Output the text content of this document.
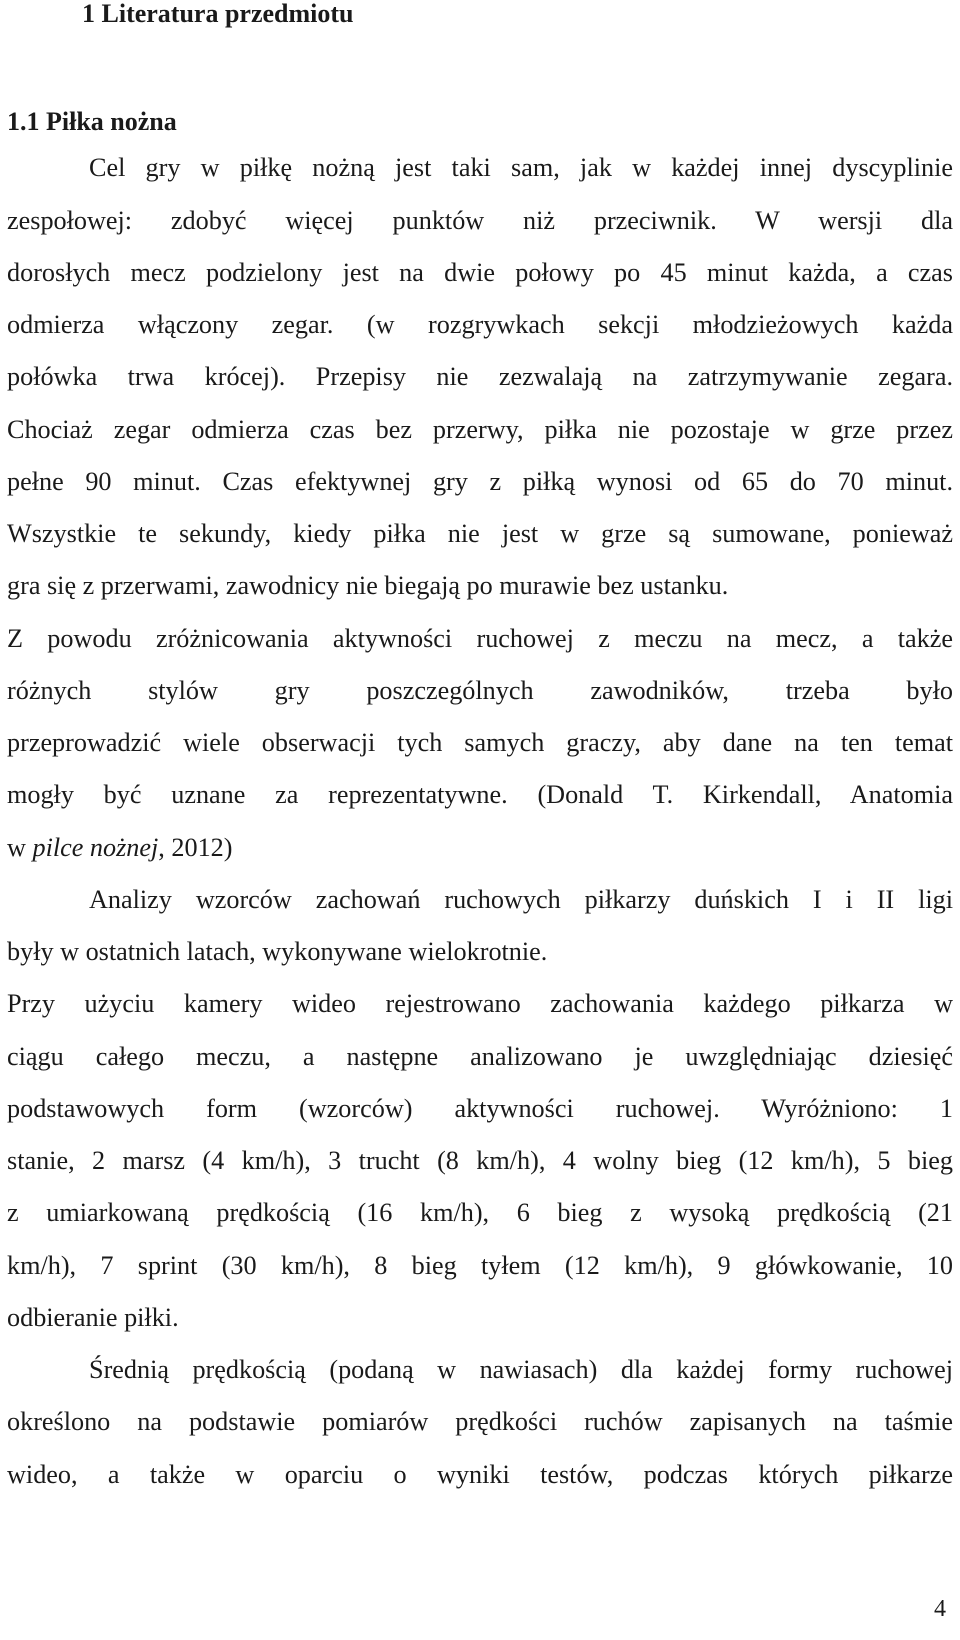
1 Literatura przedmiotu
1.1 Piłka nożna
Cel gry w piłkę nożną jest taki sam, jak w każdej innej dyscyplinie
zespołowej: zdobyć więcej punktów niż przeciwnik. W wersji dla
dorosłych mecz podzielony jest na dwie połowy po 45 minut każda, a czas
odmierza włączony zegar. (w rozgrywkach sekcji młodzieżowych każda
połówka trwa krócej). Przepisy nie zezwalają na zatrzymywanie zegara.
Chociaż zegar odmierza czas bez przerwy, piłka nie pozostaje w grze przez
pełne 90 minut. Czas efektywnej gry z piłką wynosi od 65 do 70 minut.
Wszystkie te sekundy, kiedy piłka nie jest w grze są sumowane, ponieważ
gra się z przerwami, zawodnicy nie biegają po murawie bez ustanku.
Z powodu zróżnicowania aktywności ruchowej z meczu na mecz, a także
różnych stylów gry poszczególnych zawodników, trzeba było
przeprowadzić wiele obserwacji tych samych graczy, aby dane na ten temat
mogły być uznane za reprezentatywne. (Donald T. Kirkendall, Anatomia
w pilce nożnej, 2012)
Analizy wzorców zachowań ruchowych piłkarzy duńskich I i II ligi
były w ostatnich latach, wykonywane wielokrotnie.
Przy użyciu kamery wideo rejestrowano zachowania każdego piłkarza w
ciągu całego meczu, a następne analizowano je uwzględniając dziesięć
podstawowych form (wzorców) aktywności ruchowej. Wyróżniono: 1
stanie, 2 marsz (4 km/h), 3 trucht (8 km/h), 4 wolny bieg (12 km/h), 5 bieg
z umiarkowaną prędkością (16 km/h), 6 bieg z wysoką prędkością (21
km/h), 7 sprint (30 km/h), 8 bieg tyłem (12 km/h), 9 główkowanie, 10
odbieranie piłki.
Średnią prędkością (podaną w nawiasach) dla każdej formy ruchowej
określono na podstawie pomiarów prędkości ruchów zapisanych na taśmie
wideo, a także w oparciu o wyniki testów, podczas których piłkarze
4
